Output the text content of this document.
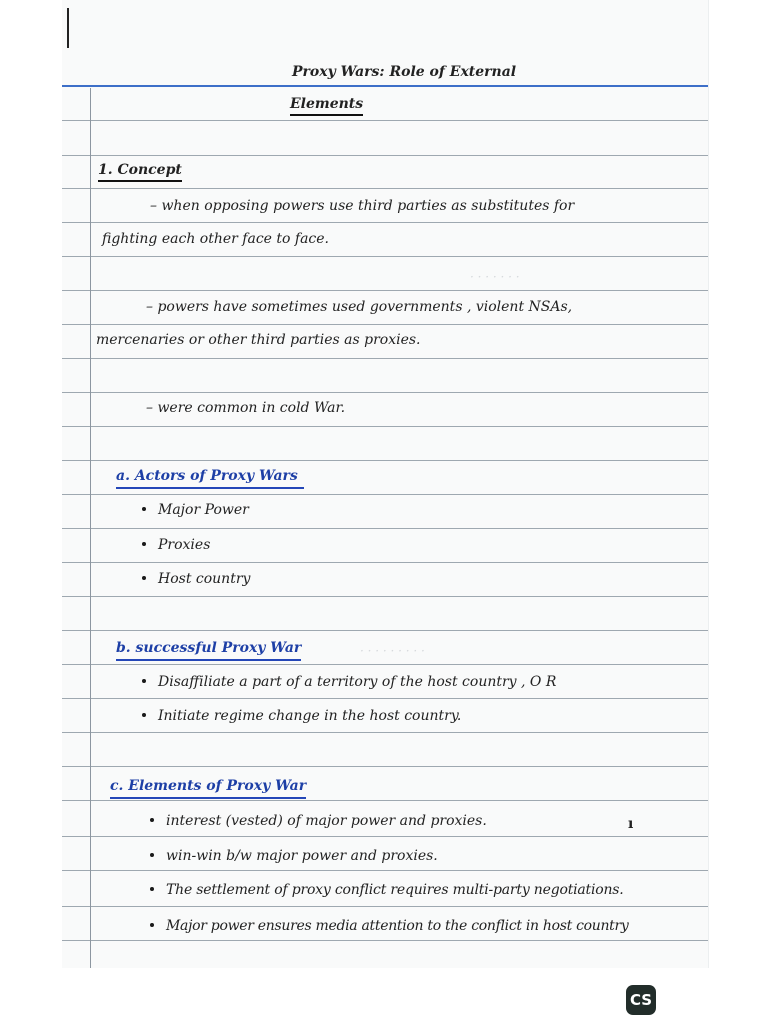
Proxy Wars: Role of External
Elements
1. Concept
– when opposing powers use third parties as substitutes for
fighting each other face to face.
· · · · · · ·
– powers have sometimes used governments , violent NSAs,
mercenaries or other third parties as proxies.
– were common in cold War.
a. Actors of Proxy Wars
Major Power
Proxies
Host country
b. successful Proxy War	· · · · · · · · ·
Disaffiliate a part of a territory of the host country , O R
Initiate regime change in the host country.
c. Elements of Proxy War
interest (vested) of major power and proxies.	ı
win-win b/w major power and proxies.
The settlement of proxy conflict requires multi-party negotiations.
Major power ensures media attention to the conflict in host country
CS
